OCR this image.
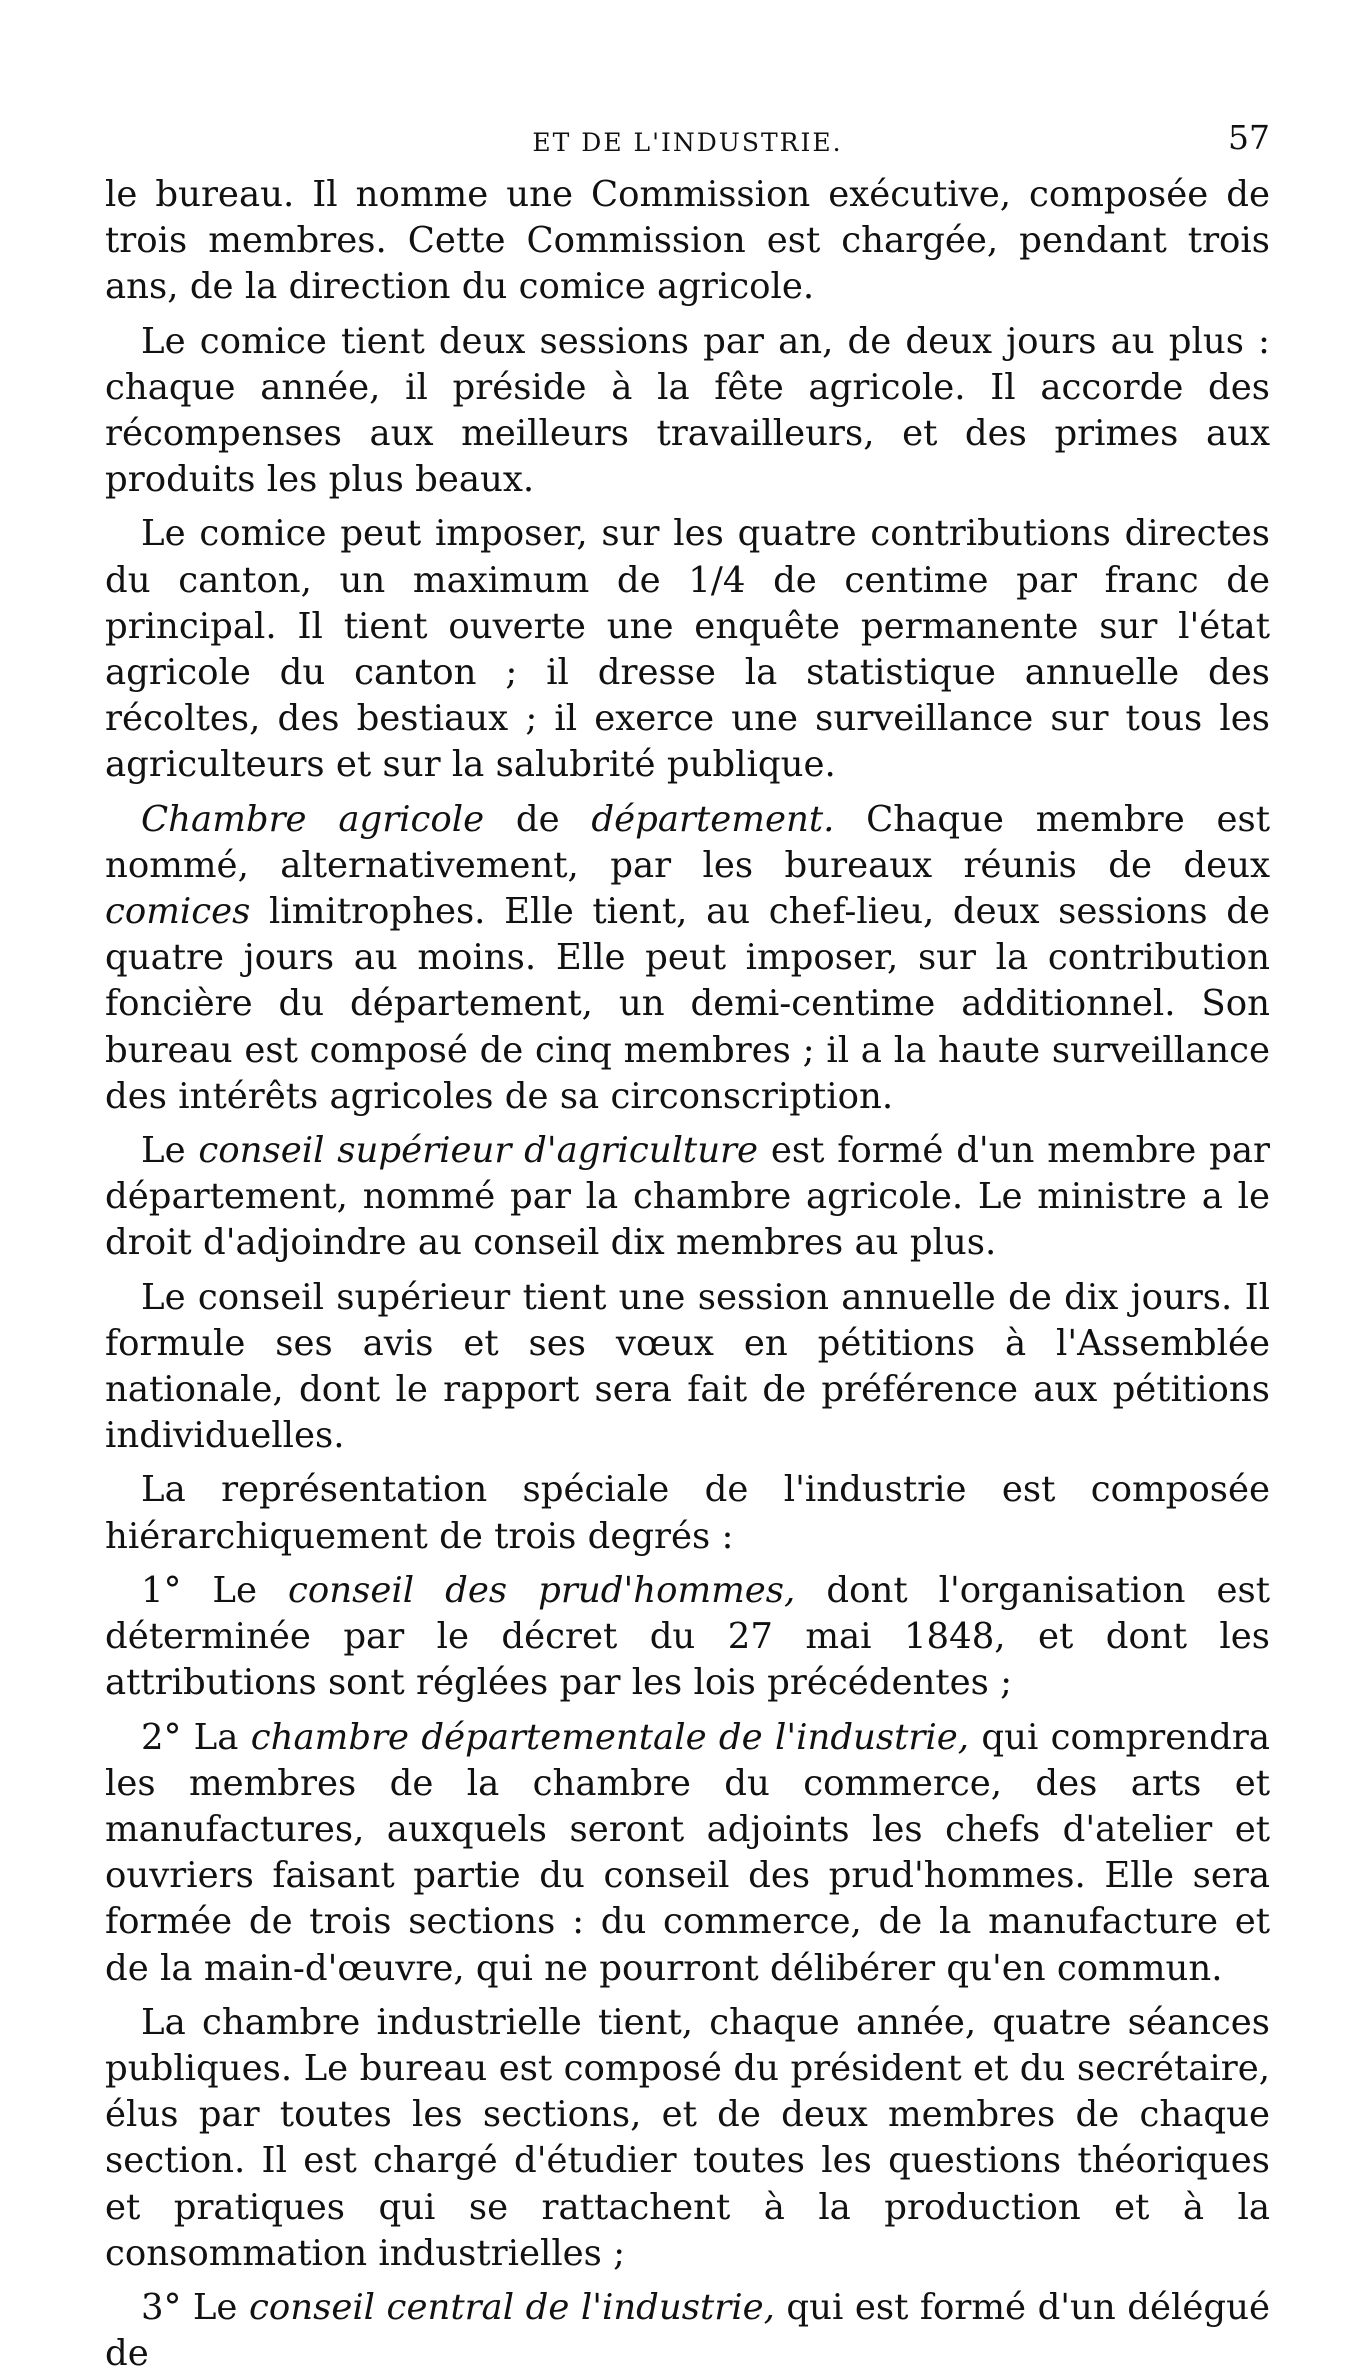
ET DE L'INDUSTRIE.	57

le bureau. Il nomme une Commission exécutive, composée de trois membres. Cette Commission est chargée, pendant trois ans, de la direction du comice agricole.

Le comice tient deux sessions par an, de deux jours au plus : chaque année, il préside à la fête agricole. Il accorde des récompenses aux meilleurs travailleurs, et des primes aux produits les plus beaux.

Le comice peut imposer, sur les quatre contributions directes du canton, un maximum de 1/4 de centime par franc de principal. Il tient ouverte une enquête permanente sur l'état agricole du canton ; il dresse la statistique annuelle des récoltes, des bestiaux ; il exerce une surveillance sur tous les agriculteurs et sur la salubrité publique.

Chambre agricole de département. Chaque membre est nommé, alternativement, par les bureaux réunis de deux comices limitrophes. Elle tient, au chef-lieu, deux sessions de quatre jours au moins. Elle peut imposer, sur la contribution foncière du département, un demi-centime additionnel. Son bureau est composé de cinq membres ; il a la haute surveillance des intérêts agricoles de sa circonscription.

Le conseil supérieur d'agriculture est formé d'un membre par département, nommé par la chambre agricole. Le ministre a le droit d'adjoindre au conseil dix membres au plus.

Le conseil supérieur tient une session annuelle de dix jours. Il formule ses avis et ses vœux en pétitions à l'Assemblée nationale, dont le rapport sera fait de préférence aux pétitions individuelles.

La représentation spéciale de l'industrie est composée hiérarchiquement de trois degrés :

1° Le conseil des prud'hommes, dont l'organisation est déterminée par le décret du 27 mai 1848, et dont les attributions sont réglées par les lois précédentes ;

2° La chambre départementale de l'industrie, qui comprendra les membres de la chambre du commerce, des arts et manufactures, auxquels seront adjoints les chefs d'atelier et ouvriers faisant partie du conseil des prud'hommes. Elle sera formée de trois sections : du commerce, de la manufacture et de la main-d'œuvre, qui ne pourront délibérer qu'en commun.

La chambre industrielle tient, chaque année, quatre séances publiques. Le bureau est composé du président et du secrétaire, élus par toutes les sections, et de deux membres de chaque section. Il est chargé d'étudier toutes les questions théoriques et pratiques qui se rattachent à la production et à la consommation industrielles ;

3° Le conseil central de l'industrie, qui est formé d'un délégué de
